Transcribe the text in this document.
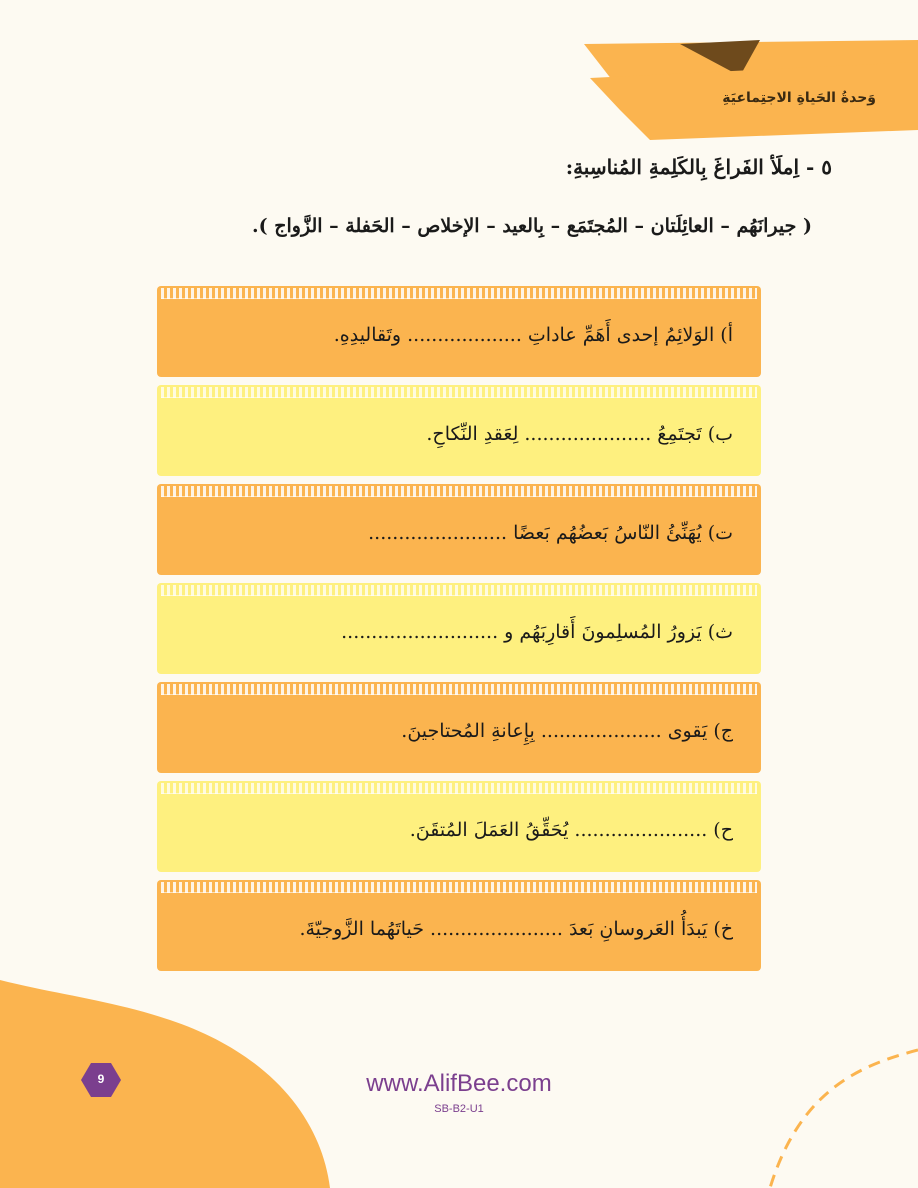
وَحدةُ الحَياةِ الاجتِماعيَةِ
٥ - اِملَأ الفَراغَ بِالكَلِمةِ المُناسِبةِ:
( جيرانَهُم – العائِلَتان – المُجتَمَع – بِالعيد – الإخلاص – الحَفلة – الزَّواج ).
أ) الوَلائِمُ إحدى أَهَمِّ عاداتِ ................... وتَقاليدِهِ.
ب) تَجتَمِعُ ..................... لِعَقدِ النِّكاحِ.
ت) يُهَنِّئُ النّاسُ بَعضُهُم بَعضًا .......................
ث) يَزورُ المُسلِمونَ أَقارِبَهُم و ..........................
ج) يَقوى .................... بِإِعانةِ المُحتاجينَ.
ح) ...................... يُحَقِّقُ العَمَلَ المُتقَنَ.
خ) يَبدَأُ العَروسانِ بَعدَ ...................... حَياتَهُما الزَّوجيّةَ.
9	www.AlifBee.com
SB-B2-U1
